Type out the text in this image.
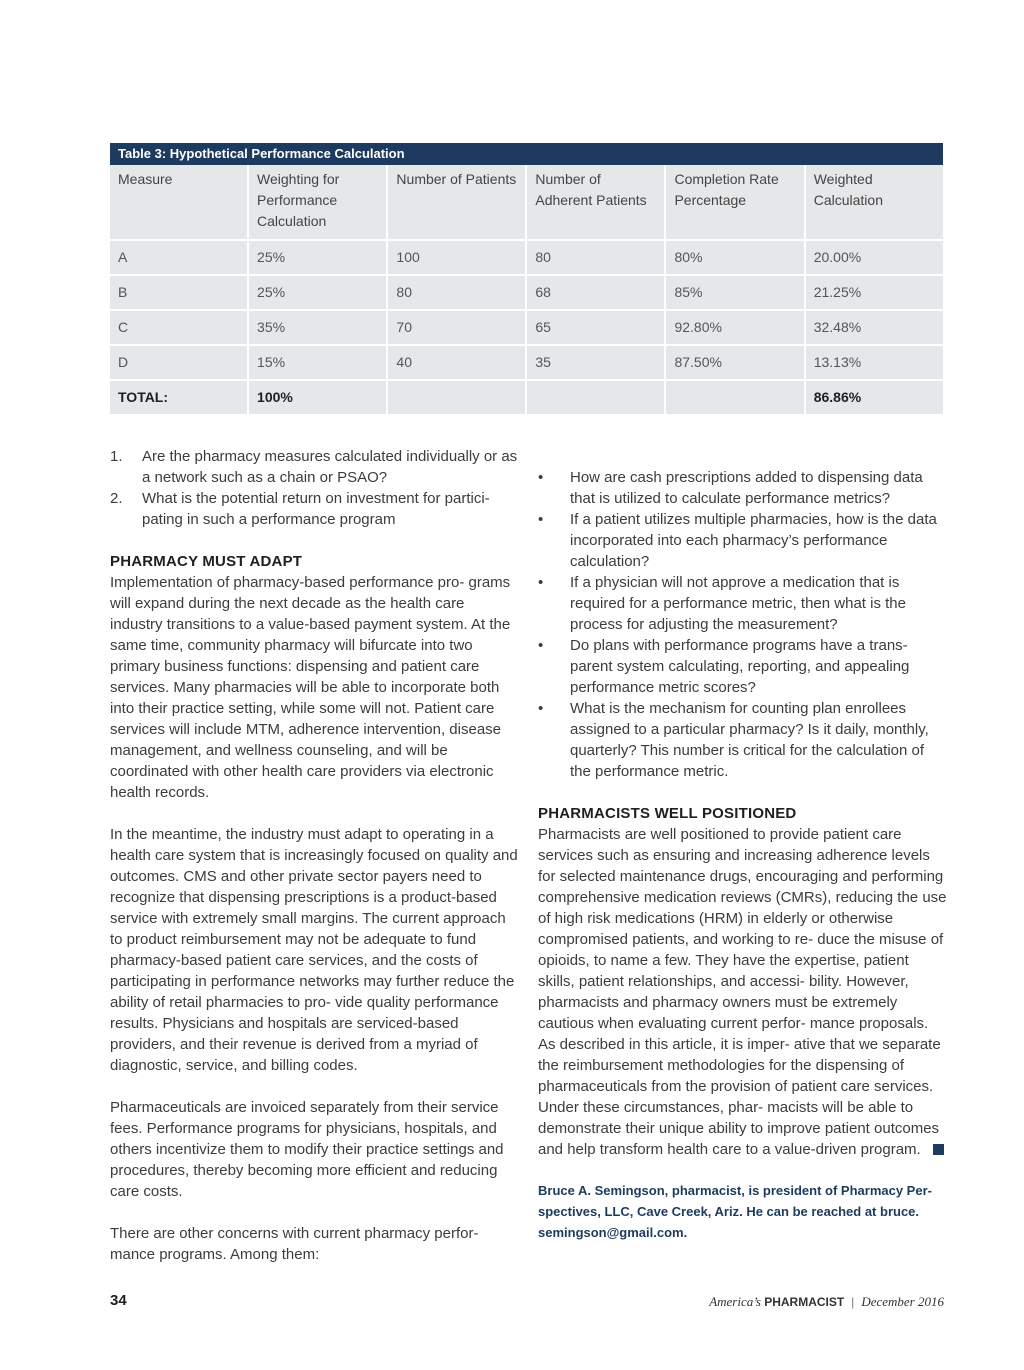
Table 3: Hypothetical Performance Calculation
Measure	Weighting for Performance Calculation	Number of Patients	Number of Adherent Patients	Completion Rate Percentage	Weighted Calculation
A	25%	100	80	80%	20.00%
B	25%	80	68	85%	21.25%
C	35%	70	65	92.80%	32.48%
D	15%	40	35	87.50%	13.13%
TOTAL:	100%				86.86%
1. Are the pharmacy measures calculated individually or as a network such as a chain or PSAO?
2. What is the potential return on investment for partici- pating in such a performance program
PHARMACY MUST ADAPT

Implementation of pharmacy-based performance pro- grams will expand during the next decade as the health care industry transitions to a value-based payment system. At the same time, community pharmacy will bifurcate into two primary business functions: dispensing and patient care services. Many pharmacies will be able to incorporate both into their practice setting, while some will not. Patient care services will include MTM, adherence intervention, disease management, and wellness counseling, and will be coordinated with other health care providers via electronic health records.

In the meantime, the industry must adapt to operating in a health care system that is increasingly focused on quality and outcomes. CMS and other private sector payers need to recognize that dispensing prescriptions is a product-based service with extremely small margins. The current approach to product reimbursement may not be adequate to fund pharmacy-based patient care services, and the costs of participating in performance networks may further reduce the ability of retail pharmacies to pro- vide quality performance results. Physicians and hospitals are serviced-based providers, and their revenue is derived from a myriad of diagnostic, service, and billing codes.

Pharmaceuticals are invoiced separately from their service fees. Performance programs for physicians, hospitals, and others incentivize them to modify their practice settings and procedures, thereby becoming more efficient and reducing care costs.

There are other concerns with current pharmacy perfor- mance programs. Among them:

• How are cash prescriptions added to dispensing data that is utilized to calculate performance metrics?
• If a patient utilizes multiple pharmacies, how is the data incorporated into each pharmacy’s performance calculation?
• If a physician will not approve a medication that is required for a performance metric, then what is the process for adjusting the measurement?
• Do plans with performance programs have a trans- parent system calculating, reporting, and appealing performance metric scores?
• What is the mechanism for counting plan enrollees assigned to a particular pharmacy? Is it daily, monthly, quarterly? This number is critical for the calculation of the performance metric.
PHARMACISTS WELL POSITIONED

Pharmacists are well positioned to provide patient care services such as ensuring and increasing adherence levels for selected maintenance drugs, encouraging and performing comprehensive medication reviews (CMRs), reducing the use of high risk medications (HRM) in elderly or otherwise compromised patients, and working to re- duce the misuse of opioids, to name a few. They have the expertise, patient skills, patient relationships, and accessi- bility. However, pharmacists and pharmacy owners must be extremely cautious when evaluating current perfor- mance proposals. As described in this article, it is imper- ative that we separate the reimbursement methodologies for the dispensing of pharmaceuticals from the provision of patient care services. Under these circumstances, phar- macists will be able to demonstrate their unique ability to improve patient outcomes and help transform health care to a value-driven program.

Bruce A. Semingson, pharmacist, is president of Pharmacy Per- spectives, LLC, Cave Creek, Ariz. He can be reached at bruce. semingson@gmail.com.

34	America’s PHARMACIST | December 2016
